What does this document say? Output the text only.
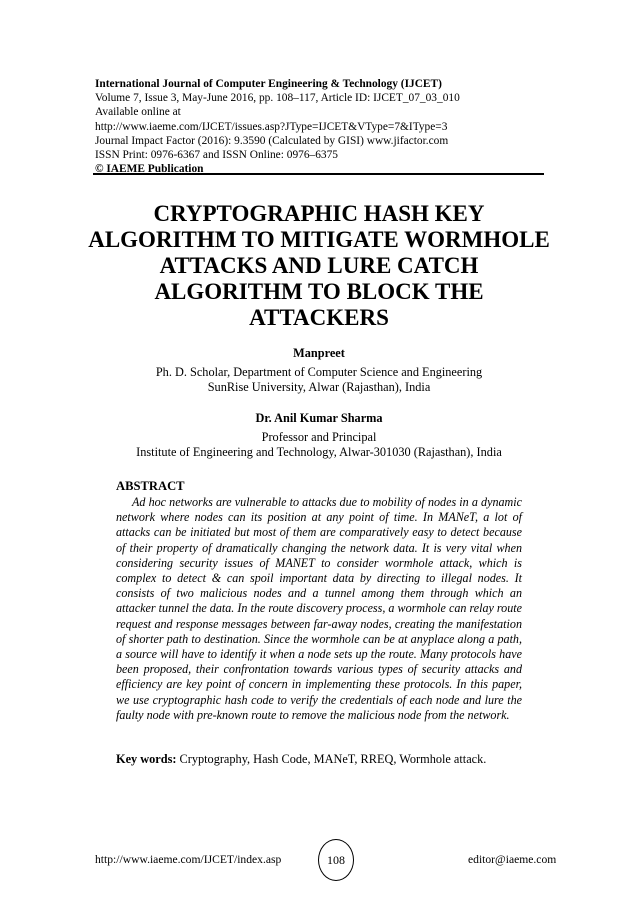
International Journal of Computer Engineering & Technology (IJCET)
Volume 7, Issue 3, May-June 2016, pp. 108–117, Article ID: IJCET_07_03_010
Available online at
http://www.iaeme.com/IJCET/issues.asp?JType=IJCET&VType=7&IType=3
Journal Impact Factor (2016): 9.3590 (Calculated by GISI) www.jifactor.com
ISSN Print: 0976-6367 and ISSN Online: 0976–6375
© IAEME Publication
CRYPTOGRAPHIC HASH KEY
ALGORITHM TO MITIGATE WORMHOLE
ATTACKS AND LURE CATCH
ALGORITHM TO BLOCK THE
ATTACKERS
Manpreet
Ph. D. Scholar, Department of Computer Science and Engineering
SunRise University, Alwar (Rajasthan), India
Dr. Anil Kumar Sharma
Professor and Principal
Institute of Engineering and Technology, Alwar-301030 (Rajasthan), India
ABSTRACT

Ad hoc networks are vulnerable to attacks due to mobility of nodes in a dynamic network where nodes can its position at any point of time. In MANeT, a lot of attacks can be initiated but most of them are comparatively easy to detect because of their property of dramatically changing the network data. It is very vital when considering security issues of MANET to consider wormhole attack, which is complex to detect & can spoil important data by directing to illegal nodes. It consists of two malicious nodes and a tunnel among them through which an attacker tunnel the data. In the route discovery process, a wormhole can relay route request and response messages between far-away nodes, creating the manifestation of shorter path to destination. Since the wormhole can be at anyplace along a path, a source will have to identify it when a node sets up the route. Many protocols have been proposed, their confrontation towards various types of security attacks and efficiency are key point of concern in implementing these protocols. In this paper, we use cryptographic hash code to verify the credentials of each node and lure the faulty node with pre-known route to remove the malicious node from the network.

Key words: Cryptography, Hash Code, MANeT, RREQ, Wormhole attack.
http://www.iaeme.com/IJCET/index.asp	108	editor@iaeme.com
